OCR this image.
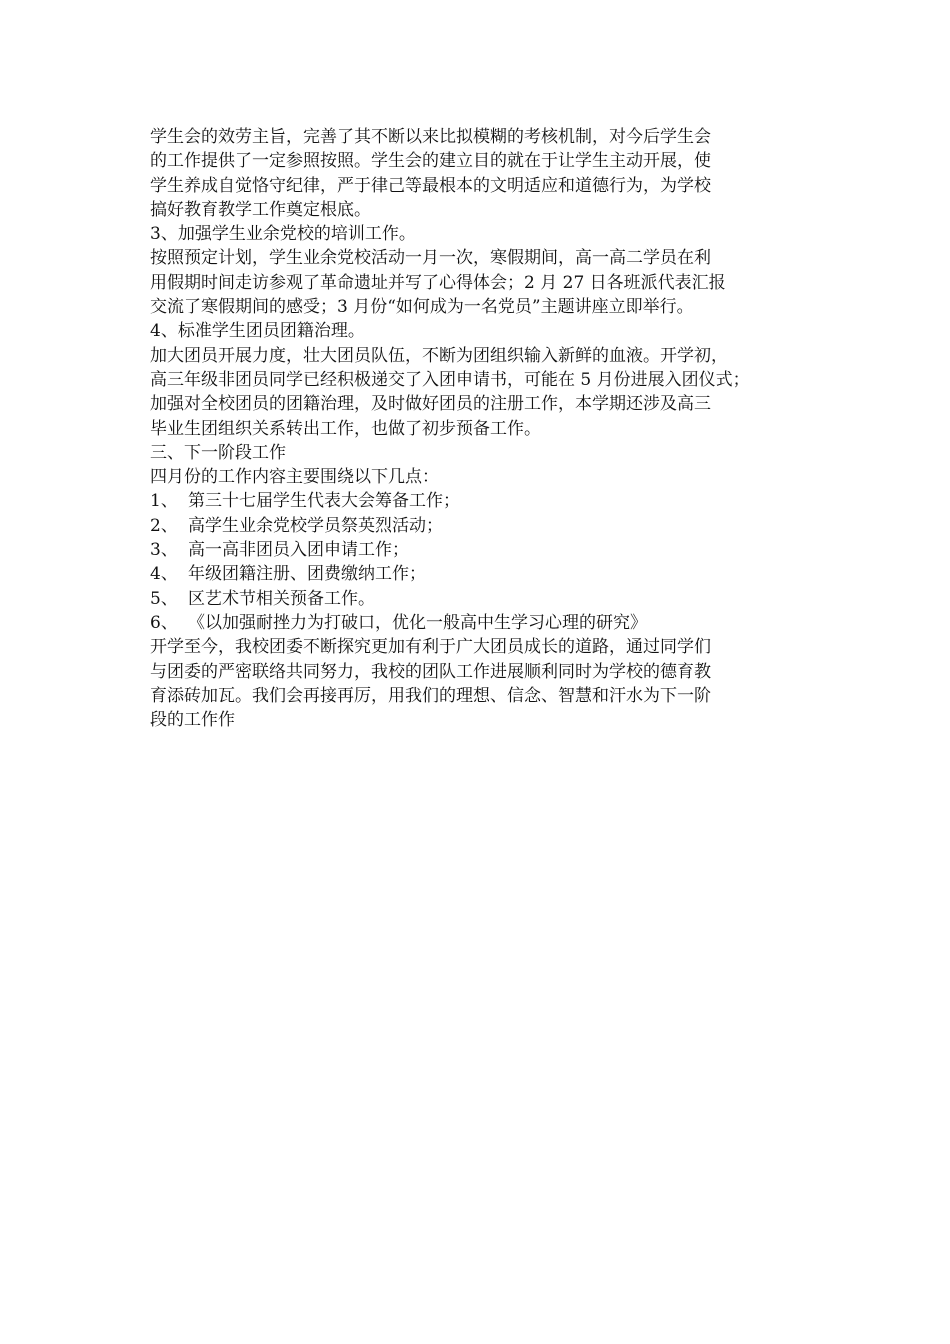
学生会的效劳主旨，完善了其不断以来比拟模糊的考核机制，对今后学生会
的工作提供了一定参照按照。学生会的建立目的就在于让学生主动开展，使
学生养成自觉恪守纪律，严于律己等最根本的文明适应和道德行为，为学校
搞好教育教学工作奠定根底。
3、加强学生业余党校的培训工作。
按照预定计划，学生业余党校活动一月一次，寒假期间，高一高二学员在利
用假期时间走访参观了革命遗址并写了心得体会；2 月 27 日各班派代表汇报
交流了寒假期间的感受；3 月份“如何成为一名党员”主题讲座立即举行。
4、标准学生团员团籍治理。
加大团员开展力度，壮大团员队伍，不断为团组织输入新鲜的血液。开学初，
高三年级非团员同学已经积极递交了入团申请书，可能在 5 月份进展入团仪式；
加强对全校团员的团籍治理，及时做好团员的注册工作，本学期还涉及高三
毕业生团组织关系转出工作，也做了初步预备工作。
三、下一阶段工作
四月份的工作内容主要围绕以下几点：
1、 第三十七届学生代表大会筹备工作；
2、 高学生业余党校学员祭英烈活动；
3、 高一高非团员入团申请工作；
4、 年级团籍注册、团费缴纳工作；
5、 区艺术节相关预备工作。
6、 《以加强耐挫力为打破口，优化一般高中生学习心理的研究》
开学至今，我校团委不断探究更加有利于广大团员成长的道路，通过同学们
与团委的严密联络共同努力，我校的团队工作进展顺利同时为学校的德育教
育添砖加瓦。我们会再接再厉，用我们的理想、信念、智慧和汗水为下一阶
段的工作作
